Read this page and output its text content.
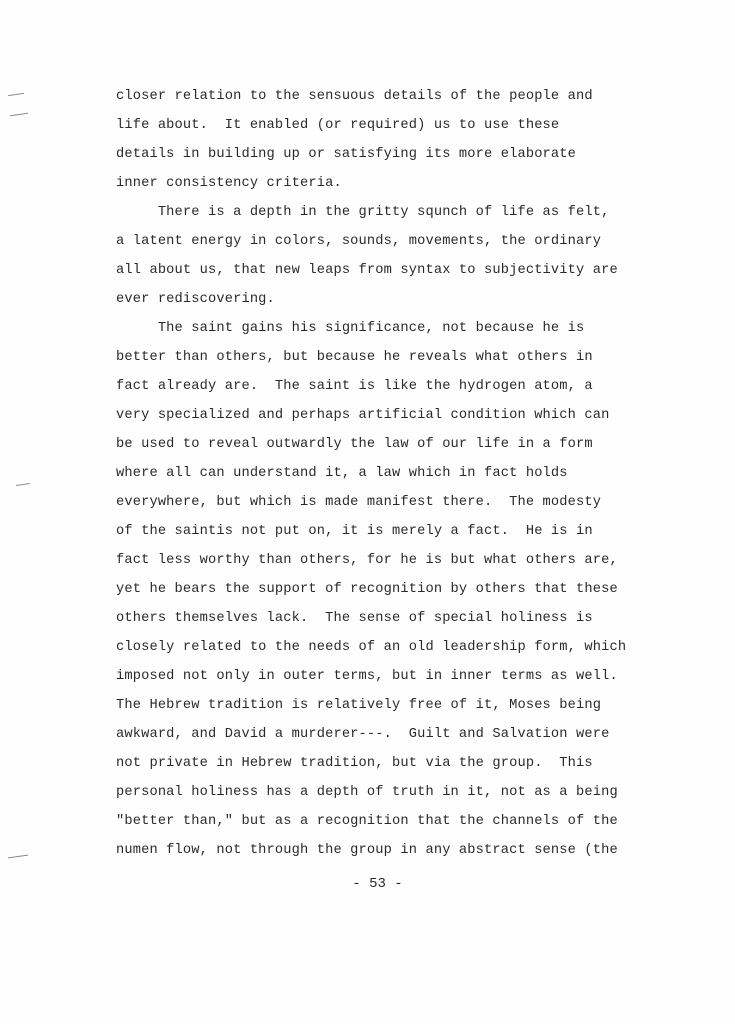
closer relation to the sensuous details of the people and
life about.  It enabled (or required) us to use these
details in building up or satisfying its more elaborate
inner consistency criteria.
There is a depth in the gritty squnch of life as felt,
a latent energy in colors, sounds, movements, the ordinary
all about us, that new leaps from syntax to subjectivity are
ever rediscovering.
The saint gains his significance, not because he is
better than others, but because he reveals what others in
fact already are.  The saint is like the hydrogen atom, a
very specialized and perhaps artificial condition which can
be used to reveal outwardly the law of our life in a form
where all can understand it, a law which in fact holds
everywhere, but which is made manifest there.  The modesty
of the saintis not put on, it is merely a fact.  He is in
fact less worthy than others, for he is but what others are,
yet he bears the support of recognition by others that these
others themselves lack.  The sense of special holiness is
closely related to the needs of an old leadership form, which
imposed not only in outer terms, but in inner terms as well.
The Hebrew tradition is relatively free of it, Moses being
awkward, and David a murderer---.  Guilt and Salvation were
not private in Hebrew tradition, but via the group.  This
personal holiness has a depth of truth in it, not as a being
"better than," but as a recognition that the channels of the
numen flow, not through the group in any abstract sense (the
- 53 -
